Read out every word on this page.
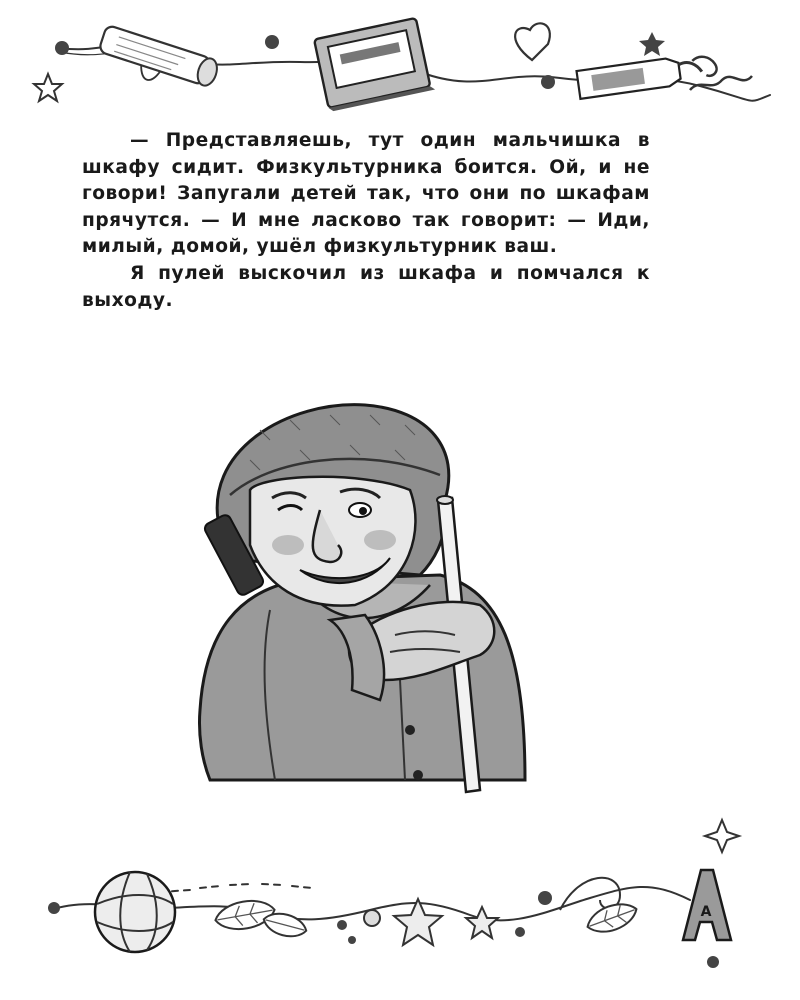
— Представляешь, тут один мальчишка в шкафу сидит. Физкультурника боится. Ой, и не говори! Запугали детей так, что они по шкафам прячутся. — И мне ласково так говорит: — Иди, милый, домой, ушёл физкультурник ваш.

Я пулей выскочил из шкафа и помчался к выходу.

A
